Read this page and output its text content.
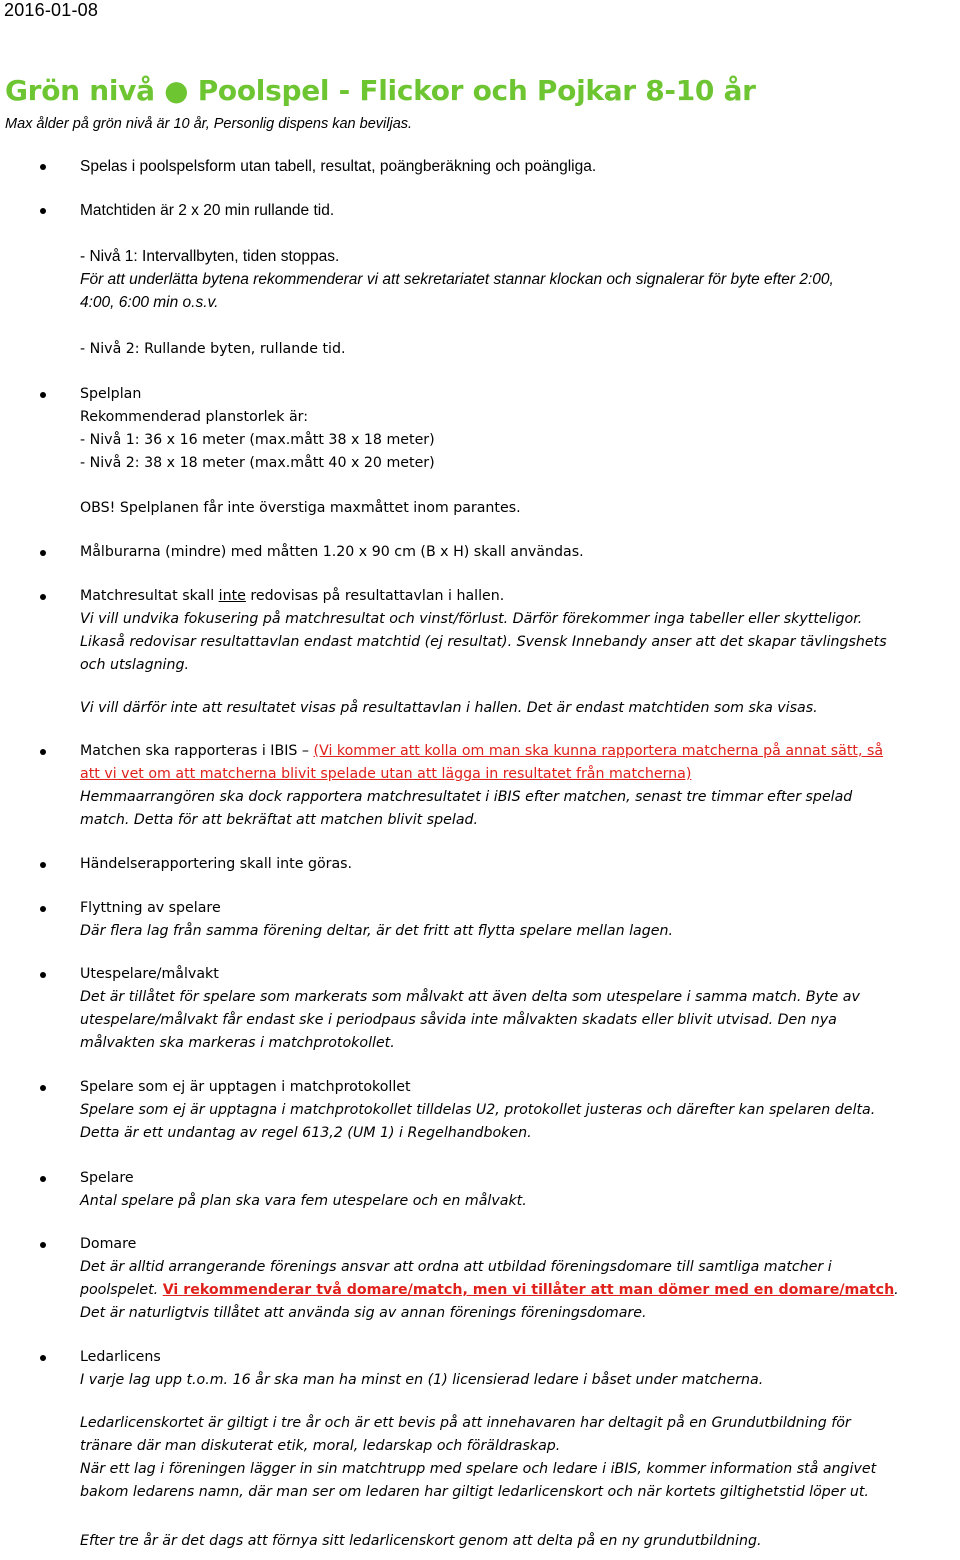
2016-01-08
Grön nivå ● Poolspel - Flickor och Pojkar 8-10 år
Max ålder på grön nivå är 10 år, Personlig dispens kan beviljas.
Spelas i poolspelsform utan tabell, resultat, poängberäkning och poängliga.
Matchtiden är 2 x 20 min rullande tid.
- Nivå 1: Intervallbyten, tiden stoppas.
För att underlätta bytena rekommenderar vi att sekretariatet stannar klockan och signalerar för byte efter 2:00,
4:00, 6:00 min o.s.v.
- Nivå 2: Rullande byten, rullande tid.
Spelplan
Rekommenderad planstorlek är:
- Nivå 1: 36 x 16 meter (max.mått 38 x 18 meter)
- Nivå 2: 38 x 18 meter (max.mått 40 x 20 meter)
OBS! Spelplanen får inte överstiga maxmåttet inom parantes.
Målburarna (mindre) med måtten 1.20 x 90 cm (B x H) skall användas.
Matchresultat skall inte redovisas på resultattavlan i hallen.
Vi vill undvika fokusering på matchresultat och vinst/förlust. Därför förekommer inga tabeller eller skytteligor.
Likaså redovisar resultattavlan endast matchtid (ej resultat). Svensk Innebandy anser att det skapar tävlingshets
och utslagning.
Vi vill därför inte att resultatet visas på resultattavlan i hallen. Det är endast matchtiden som ska visas.
Matchen ska rapporteras i IBIS – (Vi kommer att kolla om man ska kunna rapportera matcherna på annat sätt, så
att vi vet om att matcherna blivit spelade utan att lägga in resultatet från matcherna)
Hemmaarrangören ska dock rapportera matchresultatet i iBIS efter matchen, senast tre timmar efter spelad
match. Detta för att bekräftat att matchen blivit spelad.
Händelserapportering skall inte göras.
Flyttning av spelare
Där flera lag från samma förening deltar, är det fritt att flytta spelare mellan lagen.
Utespelare/målvakt
Det är tillåtet för spelare som markerats som målvakt att även delta som utespelare i samma match. Byte av
utespelare/målvakt får endast ske i periodpaus såvida inte målvakten skadats eller blivit utvisad. Den nya
målvakten ska markeras i matchprotokollet.
Spelare som ej är upptagen i matchprotokollet
Spelare som ej är upptagna i matchprotokollet tilldelas U2, protokollet justeras och därefter kan spelaren delta.
Detta är ett undantag av regel 613,2 (UM 1) i Regelhandboken.
Spelare
Antal spelare på plan ska vara fem utespelare och en målvakt.
Domare
Det är alltid arrangerande förenings ansvar att ordna att utbildad föreningsdomare till samtliga matcher i
poolspelet. Vi rekommenderar två domare/match, men vi tillåter att man dömer med en domare/match.
Det är naturligtvis tillåtet att använda sig av annan förenings föreningsdomare.
Ledarlicens
I varje lag upp t.o.m. 16 år ska man ha minst en (1) licensierad ledare i båset under matcherna.
Ledarlicenskortet är giltigt i tre år och är ett bevis på att innehavaren har deltagit på en Grundutbildning för
tränare där man diskuterat etik, moral, ledarskap och föräldraskap.
När ett lag i föreningen lägger in sin matchtrupp med spelare och ledare i iBIS, kommer information stå angivet
bakom ledarens namn, där man ser om ledaren har giltigt ledarlicenskort och när kortets giltighetstid löper ut.
Efter tre år är det dags att förnya sitt ledarlicenskort genom att delta på en ny grundutbildning.
